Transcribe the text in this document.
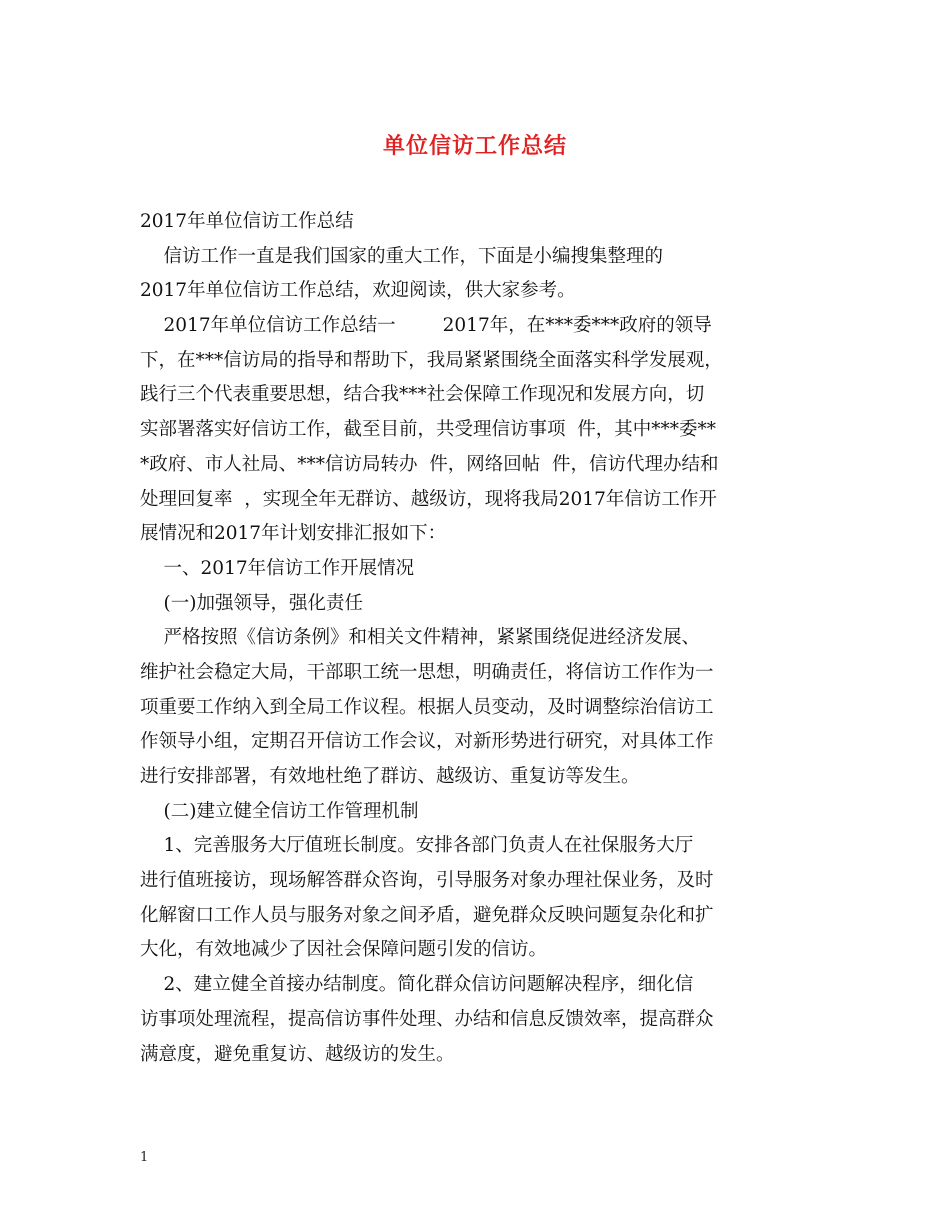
单位信访工作总结
2017年单位信访工作总结
信访工作一直是我们国家的重大工作，下面是小编搜集整理的
2017年单位信访工作总结，欢迎阅读，供大家参考。
2017年单位信访工作总结一        2017年，在***委***政府的领导
下，在***信访局的指导和帮助下，我局紧紧围绕全面落实科学发展观，
践行三个代表重要思想，结合我***社会保障工作现况和发展方向，切
实部署落实好信访工作，截至目前，共受理信访事项  件，其中***委**
*政府、市人社局、***信访局转办  件，网络回帖  件，信访代理办结和
处理回复率  ，实现全年无群访、越级访，现将我局2017年信访工作开
展情况和2017年计划安排汇报如下：
一、2017年信访工作开展情况
(一)加强领导，强化责任
严格按照《信访条例》和相关文件精神，紧紧围绕促进经济发展、
维护社会稳定大局，干部职工统一思想，明确责任，将信访工作作为一
项重要工作纳入到全局工作议程。根据人员变动，及时调整综治信访工
作领导小组，定期召开信访工作会议，对新形势进行研究，对具体工作
进行安排部署，有效地杜绝了群访、越级访、重复访等发生。
(二)建立健全信访工作管理机制
1、完善服务大厅值班长制度。安排各部门负责人在社保服务大厅
进行值班接访，现场解答群众咨询，引导服务对象办理社保业务，及时
化解窗口工作人员与服务对象之间矛盾，避免群众反映问题复杂化和扩
大化，有效地减少了因社会保障问题引发的信访。
2、建立健全首接办结制度。简化群众信访问题解决程序，细化信
访事项处理流程，提高信访事件处理、办结和信息反馈效率，提高群众
满意度，避免重复访、越级访的发生。
1
